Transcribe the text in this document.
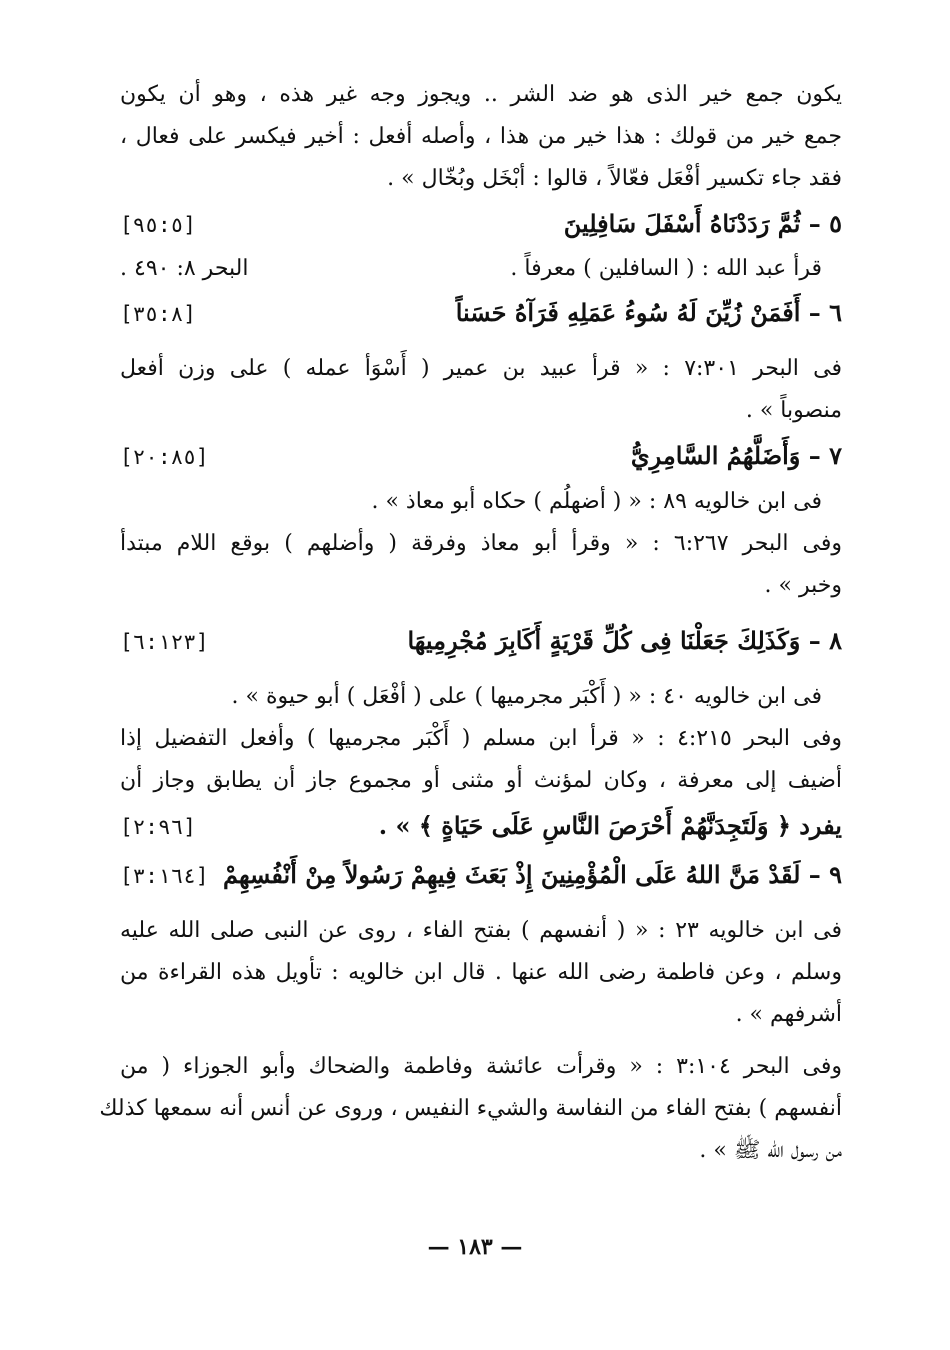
يكون جمع خير الذى هو ضد الشر .. ويجوز وجه غير هذه ، وهو أن يكون
جمع خير من قولك : هذا خير من هذا ، وأصله أفعل : أخير فيكسر على فعال ،
فقد جاء تكسير أفْعَل فعّالاً ، قالوا : أبْخَل وبُخّال » .
٥ – ثُمَّ رَدَدْنَاهُ أَسْفَلَ سَافِلِينَ
[٩٥:٥]
قرأ عبد الله : ( السافلين ) معرفاً .
البحر ٨: ٤٩٠ .
٦ – أَفَمَنْ زُيِّنَ لَهُ سُوءُ عَمَلِهِ فَرَآهُ حَسَناً
[٣٥:٨]
فى البحر ٧:٣٠١ : « قرأ عبيد بن عمير ( أَسْوَأ عمله ) على وزن أفعل
منصوباً » .
٧ – وَأَضَلَّهُمُ السَّامِرِيُّ
[٢٠:٨٥]
فى ابن خالويه ٨٩ : « ( أضهلُم ) حكاه أبو معاذ » .
وفى البحر ٦:٢٦٧ : « وقرأ أبو معاذ وفرقة ( وأضلهم ) بوقع اللام مبتدأ
وخبر » .
٨ – وَكَذَلِكَ جَعَلْنَا فِى كُلِّ قَرْيَةٍ أَكَابِرَ مُجْرِمِيهَا
[٦:١٢٣]
فى ابن خالويه ٤٠ : « ( أَكْبَر مجرميها ) على ( أفْعَل ) أبو حيوة » .
وفى البحر ٤:٢١٥ : « قرأ ابن مسلم ( أَكْبَر مجرميها ) وأفعل التفضيل إذا
أضيف إلى معرفة ، وكان لمؤنث أو مثنى أو مجموع جاز أن يطابق وجاز أن
يفرد ﴿ وَلَتَجِدَنَّهُمْ أَحْرَصَ النَّاسِ عَلَى حَيَاةٍ ﴾ » .
[٢:٩٦]
٩ – لَقَدْ مَنَّ اللهُ عَلَى الْمُؤْمِنِينَ إِذْ بَعَثَ فِيهِمْ رَسُولاً مِنْ أَنْفُسِهِمْ
[٣:١٦٤]
فى ابن خالويه ٢٣ : « ( أنفسهم ) بفتح الفاء ، روى عن النبى صلى الله عليه
وسلم ، وعن فاطمة رضى الله عنها . قال ابن خالويه : تأويل هذه القراءة من
أشرفهم » .
وفى البحر ٣:١٠٤ : « وقرأت عائشة وفاطمة والضحاك وأبو الجوزاء ( من
أنفسهم ) بفتح الفاء من النفاسة والشيء النفيس ، وروى عن أنس أنه سمعها كذلك
من رسول الله ﷺ » .
— ١٨٣ —
